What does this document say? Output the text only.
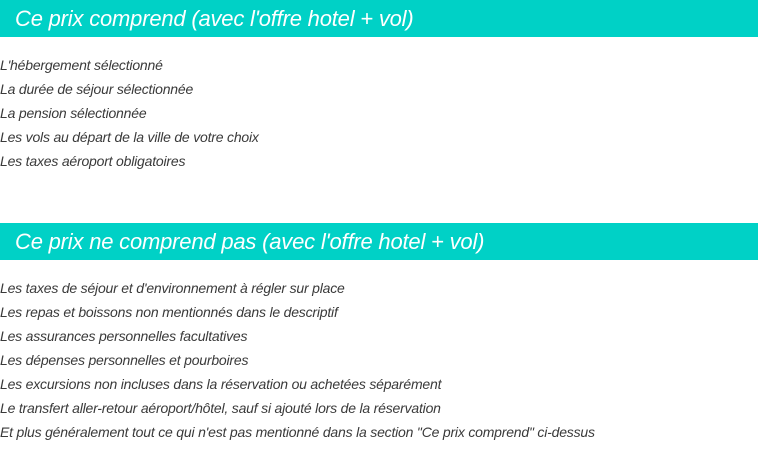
Ce prix comprend (avec l'offre hotel + vol)
L'hébergement sélectionné
La durée de séjour sélectionnée
La pension sélectionnée
Les vols au départ de la ville de votre choix
Les taxes aéroport obligatoires
Ce prix ne comprend pas (avec l'offre hotel + vol)
Les taxes de séjour et d'environnement à régler sur place
Les repas et boissons non mentionnés dans le descriptif
Les assurances personnelles facultatives
Les dépenses personnelles et pourboires
Les excursions non incluses dans la réservation ou achetées séparément
Le transfert aller-retour aéroport/hôtel, sauf si ajouté lors de la réservation
Et plus généralement tout ce qui n'est pas mentionné dans la section "Ce prix comprend" ci-dessus
